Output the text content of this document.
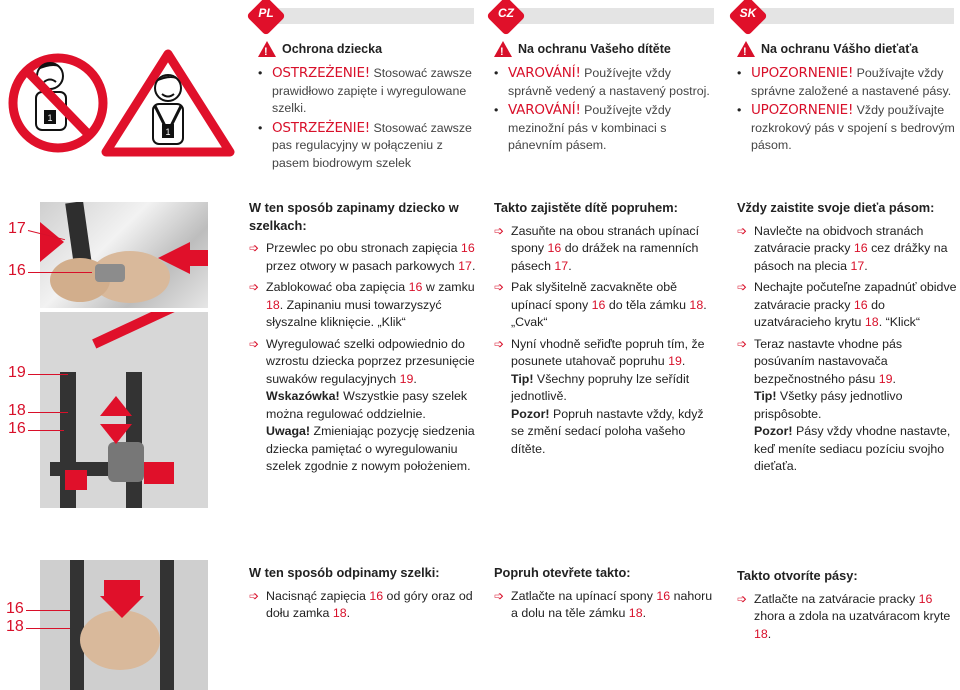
PL	CZ	SK
1
1
! Ochrona dziecka
• OSTRZEŻENIE! Stosować zawsze prawidłowo zapięte i wyregulowane szelki.
• OSTRZEŻENIE! Stosować zawsze pas regulacyjny w połączeniu z pasem biodrowym szelek
! Na ochranu Vašeho dítěte
• VAROVÁNÍ! Používejte vždy správně vedený a nastavený postroj.
• VAROVÁNÍ! Používejte vždy mezinožní pás v kombinaci s pánevním pásem.
! Na ochranu Vášho dieťaťa
• UPOZORNENIE! Používajte vždy správne založené a nastavené pásy.
• UPOZORNENIE! Vždy používajte rozkrokový pás v spojení s bedrovým pásom.
17
16
19
18
16
16
18
W ten sposób zapinamy dziecko w szelkach:
➩ Przewlec po obu stronach zapięcia 16 przez otwory w pasach parkowych 17.
➩ Zablokować oba zapięcia 16 w zamku 18. Zapinaniu musi towarzyszyć słyszalne kliknięcie. „Klik“
➩ Wyregulować szelki odpowiednio do wzrostu dziecka poprzez przesunięcie suwaków regulacyjnych 19.
Wskazówka! Wszystkie pasy szelek można regulować oddzielnie.
Uwaga! Zmieniając pozycję siedzenia dziecka pamiętać o wyregulowaniu szelek zgodnie z nowym położeniem.
Takto zajistěte dítě popruhem:
➩ Zasuňte na obou stranách upínací spony 16 do drážek na ramenních pásech 17.
➩ Pak slyšitelně zacvakněte obě upínací spony 16 do těla zámku 18. „Cvak“
➩ Nyní vhodně seřiďte popruh tím, že posunete utahovač popruhu 19.
Tip! Všechny popruhy lze seřídit jednotlivě.
Pozor! Popruh nastavte vždy, když se změní sedací poloha vašeho dítěte.
Vždy zaistite svoje dieťa pásom:
➩ Navlečte na obidvoch stranách zatváracie pracky 16 cez drážky na pásoch na plecia 17.
➩ Nechajte počuteľne zapadnúť obidve zatváracie pracky 16 do uzatváracieho krytu 18. “Klick“
➩ Teraz nastavte vhodne pás posúvaním nastavovača bezpečnostného pásu 19.
Tip! Všetky pásy jednotlivo prispôsobte.
Pozor! Pásy vždy vhodne nastavte, keď meníte sediacu pozíciu svojho dieťaťa.
W ten sposób odpinamy szelki:
➩ Nacisnąć zapięcia 16 od góry oraz od dołu zamka 18.
Popruh otevřete takto:
➩ Zatlačte na upínací spony 16 nahoru a dolu na těle zámku 18.
Takto otvoríte pásy:
➩ Zatlačte na zatváracie pracky 16 zhora a zdola na uzatváracom kryte 18.
